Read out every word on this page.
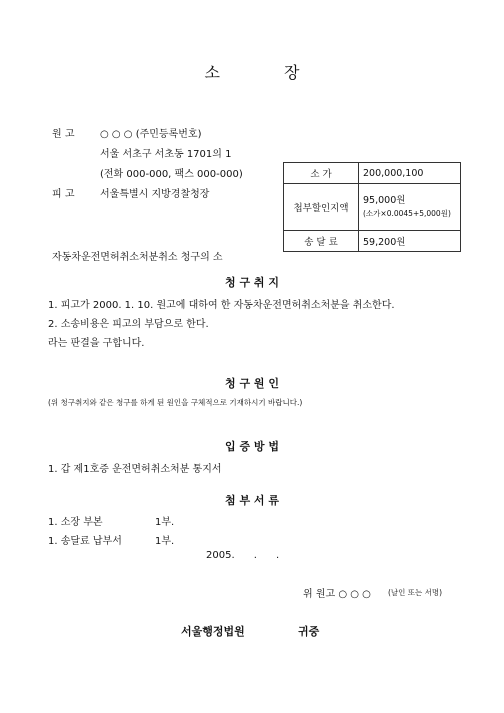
소	장
원 고	○ ○ ○ (주민등록번호)
서울 서초구 서초동 1701의 1
(전화 000-000, 팩스 000-000)
피 고	서울특별시 지방경찰청장
소 가	200,000,100
첩부할인지액	95,000원
(소가×0.0045+5,000원)

송 달 료	59,200원
자동차운전면허취소처분취소 청구의 소
청 구 취 지
1. 피고가 2000. 1. 10. 원고에 대하여 한 자동차운전면허취소처분을 취소한다.
2. 소송비용은 피고의 부담으로 한다.
라는 판결을 구합니다.
청 구 원 인
(위 청구취지와 같은 청구를 하게 된 원인을 구체적으로 기재하시기 바랍니다.)
입 증 방 법
1. 갑 제1호증 운전면허취소처분 통지서
첨 부 서 류
1. 소장 부본	1부.
1. 송달료 납부서	1부.
2005.      .      .
위 원고 ○ ○ ○ (날인 또는 서명)
서울행정법원	귀중
